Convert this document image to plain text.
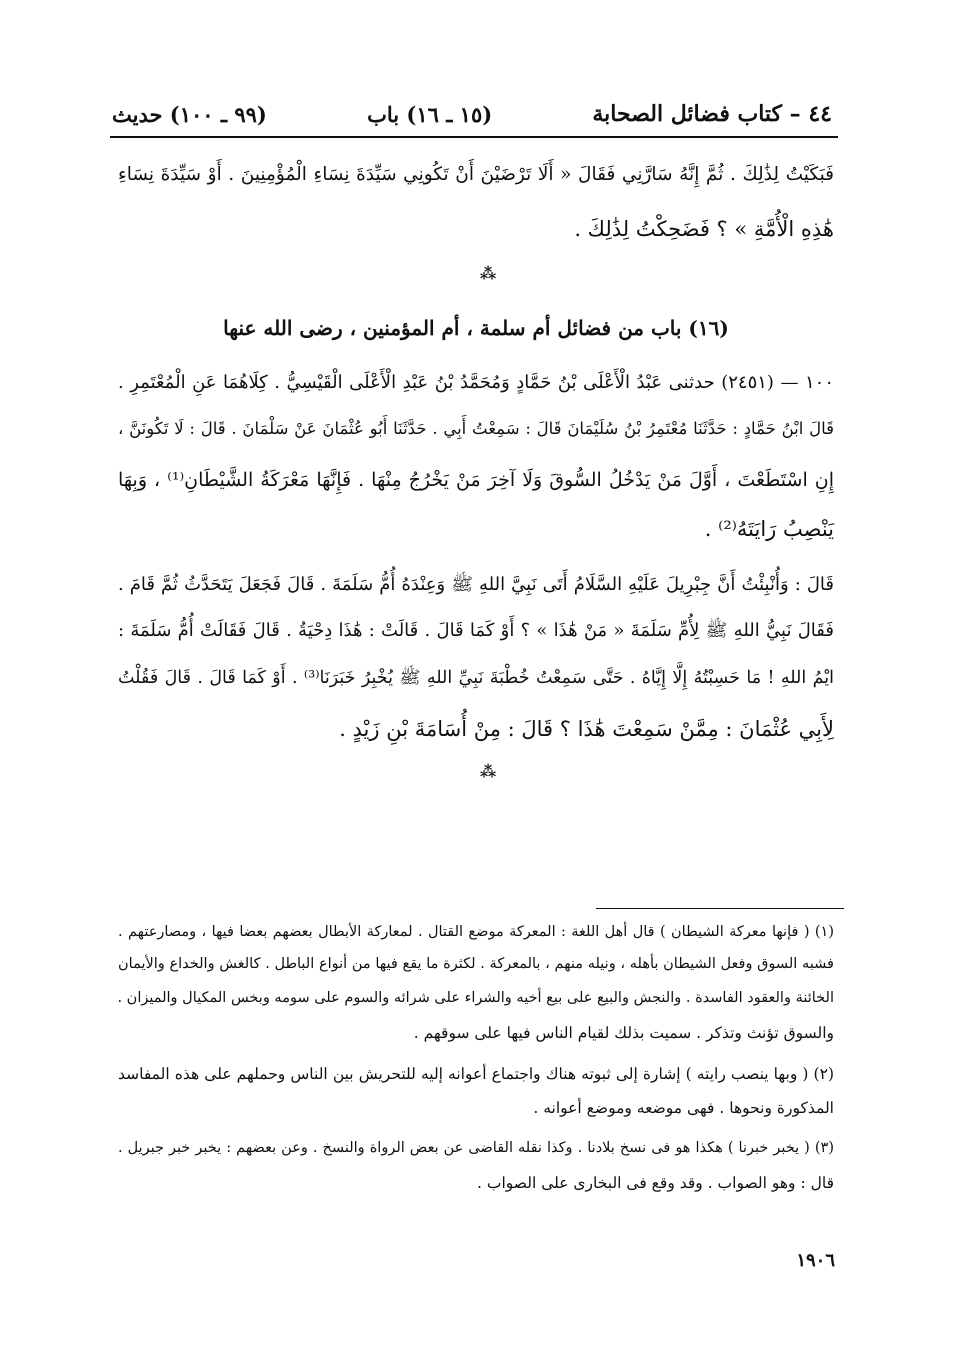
٤٤ – كتاب فضائل الصحابة
(١٥ ـ ١٦) باب
(٩٩ ـ ١٠٠) حديث
فَبَكَيْتُ لِذَٰلِكَ . ثُمَّ إِنَّهُ سَارَّنِي فَقَالَ « أَلَا تَرْضَيْنَ أَنْ تَكُونِي سَيِّدَةَ نِسَاءِ الْمُؤْمِنِينَ . أَوْ سَيِّدَةَ نِسَاءِ
هَٰذِهِ الْأُمَّةِ » ؟ فَضَحِكْتُ لِذَٰلِكَ .
⁂
(١٦) باب من فضائل أم سلمة ، أم المؤمنين ، رضى الله عنها
١٠٠ — (٢٤٥١) حدثنى عَبْدُ الْأَعْلَى بْنُ حَمَّادٍ وَمُحَمَّدُ بْنُ عَبْدِ الْأَعْلَى الْقَيْسِيُّ . كِلَاهُمَا عَنِ الْمُعْتَمِرِ .
قَالَ ابْنُ حَمَّادٍ : حَدَّثَنَا مُعْتَمِرُ بْنُ سُلَيْمَانَ قَالَ : سَمِعْتُ أَبِي . حَدَّثَنَا أَبُو عُثْمَانَ عَنْ سَلْمَانَ . قَالَ : لَا تَكُونَنَّ ،
إِنِ اسْتَطَعْتَ ، أَوَّلَ مَنْ يَدْخُلُ السُّوقَ وَلَا آخِرَ مَنْ يَخْرُجُ مِنْهَا . فَإِنَّهَا مَعْرَكَةُ الشَّيْطَانِ⁽¹⁾ ، وَبِهَا
يَنْصِبُ رَايَتَهُ⁽²⁾ .
قَالَ : وَأُنْبِئْتُ أَنَّ جِبْرِيلَ عَلَيْهِ السَّلَامُ أَتَى نَبِيَّ اللهِ ﷺ وَعِنْدَهُ أُمُّ سَلَمَةَ . قَالَ فَجَعَلَ يَتَحَدَّثُ ثُمَّ قَامَ .
فَقَالَ نَبِيُّ اللهِ ﷺ لِأُمِّ سَلَمَةَ « مَنْ هَٰذَا » ؟ أَوْ كَمَا قَالَ . قَالَتْ : هَٰذَا دِحْيَةُ . قَالَ فَقَالَتْ أُمُّ سَلَمَةَ :
ايْمُ اللهِ ! مَا حَسِبْتُهُ إِلَّا إِيَّاهُ . حَتَّى سَمِعْتُ خُطْبَةَ نَبِيِّ اللهِ ﷺ يُخْبِرُ خَبَرَنَا⁽³⁾ . أَوْ كَمَا قَالَ . قَالَ فَقُلْتُ
لِأَبِي عُثْمَانَ : مِمَّنْ سَمِعْتَ هَٰذَا ؟ قَالَ : مِنْ أُسَامَةَ بْنِ زَيْدٍ .
⁂
(١) ( فإنها معركة الشيطان ) قال أهل اللغة : المعركة موضع القتال . لمعاركة الأبطال بعضهم بعضا فيها ، ومصارعتهم .
فشبه السوق وفعل الشيطان بأهله ، ونيله منهم ، بالمعركة . لكثرة ما يقع فيها من أنواع الباطل . كالغش والخداع والأيمان
الخائنة والعقود الفاسدة . والنجش والبيع على بيع أخيه والشراء على شرائه والسوم على سومه وبخس المكيال والميزان .
والسوق تؤنث وتذكر . سميت بذلك لقيام الناس فيها على سوقهم .
(٢) ( وبها ينصب رايته ) إشارة إلى ثبوته هناك واجتماع أعوانه إليه للتحريش بين الناس وحملهم على هذه المفاسد
المذكورة ونحوها . فهى موضعه وموضع أعوانه .
(٣) ( يخبر خبرنا ) هكذا هو فى نسخ بلادنا . وكذا نقله القاضى عن بعض الرواة والنسخ . وعن بعضهم : يخبر خبر جبريل .
قال : وهو الصواب . وقد وقع فى البخارى على الصواب .
١٩٠٦
